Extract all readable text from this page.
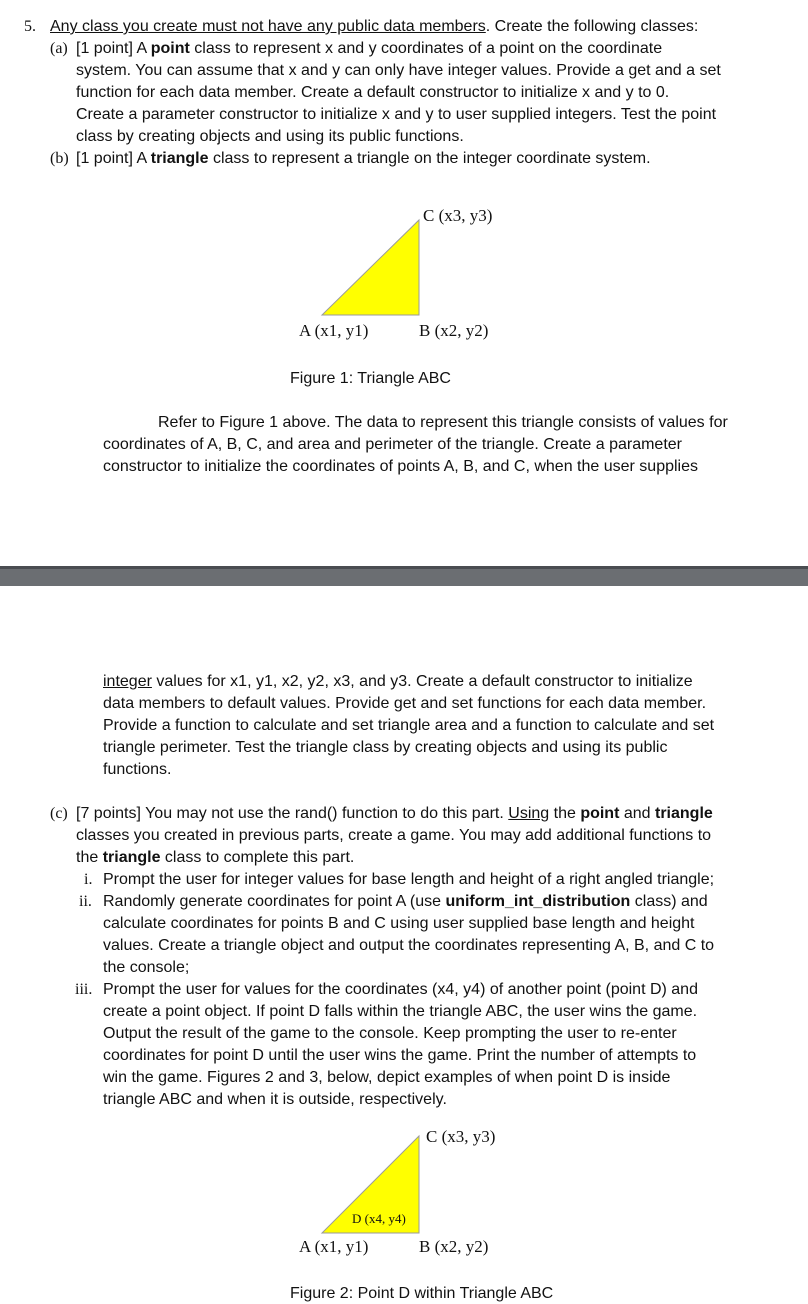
5. Any class you create must not have any public data members. Create the following classes:
(a) [1 point] A point class to represent x and y coordinates of a point on the coordinate
system. You can assume that x and y can only have integer values. Provide a get and a set
function for each data member. Create a default constructor to initialize x and y to 0.
Create a parameter constructor to initialize x and y to user supplied integers. Test the point
class by creating objects and using its public functions.
(b) [1 point] A triangle class to represent a triangle on the integer coordinate system.
C (x3, y3)
A (x1, y1)	B (x2, y2)
Figure 1: Triangle ABC
Refer to Figure 1 above. The data to represent this triangle consists of values for
coordinates of A, B, C, and area and perimeter of the triangle. Create a parameter
constructor to initialize the coordinates of points A, B, and C, when the user supplies
integer values for x1, y1, x2, y2, x3, and y3. Create a default constructor to initialize
data members to default values. Provide get and set functions for each data member.
Provide a function to calculate and set triangle area and a function to calculate and set
triangle perimeter. Test the triangle class by creating objects and using its public
functions.
(c) [7 points] You may not use the rand() function to do this part. Using the point and triangle
classes you created in previous parts, create a game. You may add additional functions to
the triangle class to complete this part.
i. Prompt the user for integer values for base length and height of a right angled triangle;
ii. Randomly generate coordinates for point A (use uniform_int_distribution class) and
calculate coordinates for points B and C using user supplied base length and height
values. Create a triangle object and output the coordinates representing A, B, and C to
the console;
iii. Prompt the user for values for the coordinates (x4, y4) of another point (point D) and
create a point object. If point D falls within the triangle ABC, the user wins the game.
Output the result of the game to the console. Keep prompting the user to re-enter
coordinates for point D until the user wins the game. Print the number of attempts to
win the game. Figures 2 and 3, below, depict examples of when point D is inside
triangle ABC and when it is outside, respectively.
C (x3, y3)
D (x4, y4)
A (x1, y1)	B (x2, y2)
Figure 2: Point D within Triangle ABC
